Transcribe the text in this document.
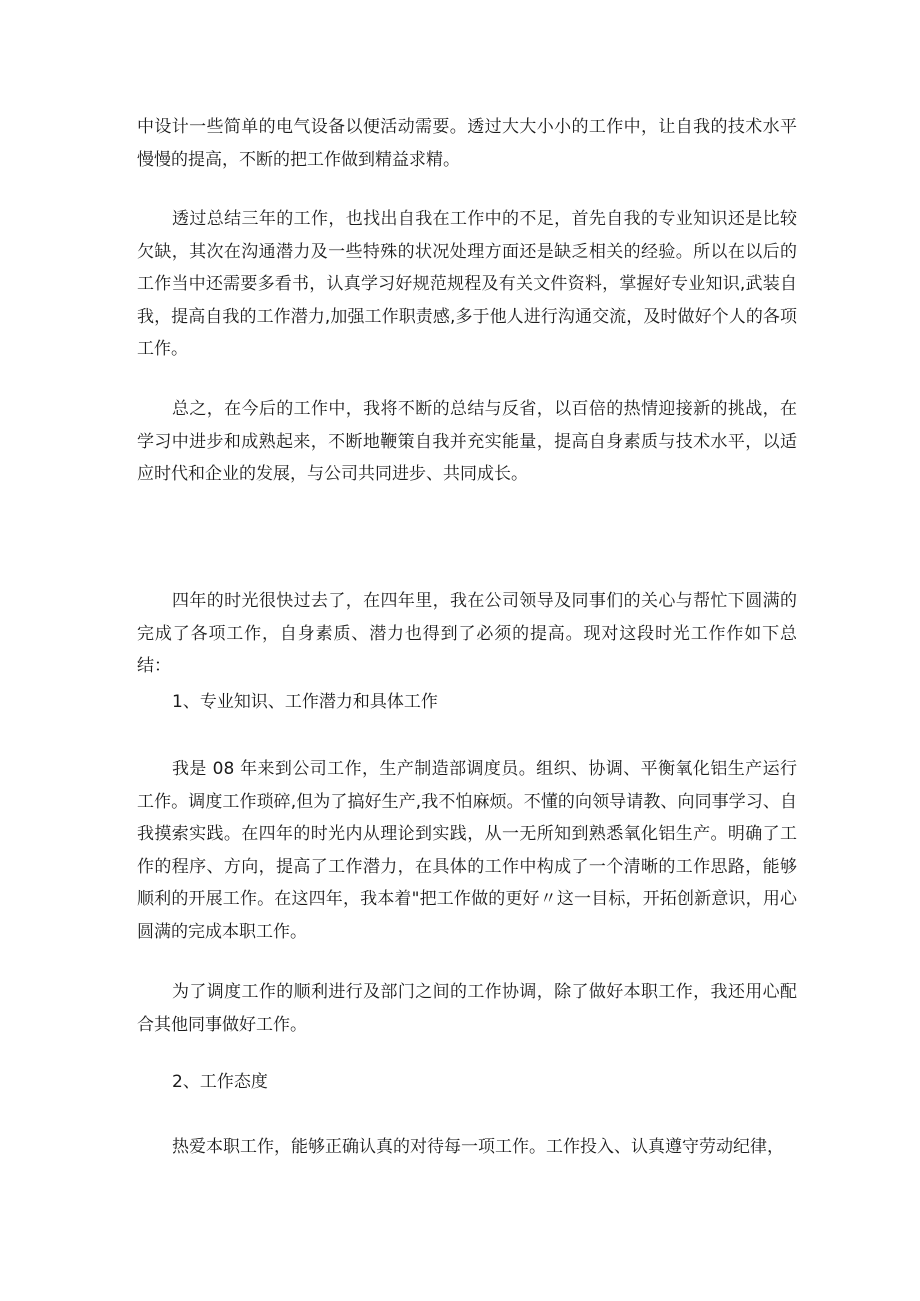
中设计一些简单的电气设备以便活动需要。透过大大小小的工作中，让自我的技术水平慢慢的提高，不断的把工作做到精益求精。

透过总结三年的工作，也找出自我在工作中的不足，首先自我的专业知识还是比较欠缺，其次在沟通潜力及一些特殊的状况处理方面还是缺乏相关的经验。所以在以后的工作当中还需要多看书，认真学习好规范规程及有关文件资料，掌握好专业知识,武装自我，提高自我的工作潜力,加强工作职责感,多于他人进行沟通交流，及时做好个人的各项工作。

总之，在今后的工作中，我将不断的总结与反省，以百倍的热情迎接新的挑战，在学习中进步和成熟起来，不断地鞭策自我并充实能量，提高自身素质与技术水平，以适应时代和企业的发展，与公司共同进步、共同成长。

四年的时光很快过去了，在四年里，我在公司领导及同事们的关心与帮忙下圆满的完成了各项工作，自身素质、潜力也得到了必须的提高。现对这段时光工作作如下总结：

1、专业知识、工作潜力和具体工作

我是 08 年来到公司工作，生产制造部调度员。组织、协调、平衡氧化铝生产运行工作。调度工作琐碎,但为了搞好生产,我不怕麻烦。不懂的向领导请教、向同事学习、自我摸索实践。在四年的时光内从理论到实践，从一无所知到熟悉氧化铝生产。明确了工作的程序、方向，提高了工作潜力，在具体的工作中构成了一个清晰的工作思路，能够顺利的开展工作。在这四年，我本着"把工作做的更好〃这一目标，开拓创新意识，用心圆满的完成本职工作。

为了调度工作的顺利进行及部门之间的工作协调，除了做好本职工作，我还用心配合其他同事做好工作。

2、工作态度

热爱本职工作，能够正确认真的对待每一项工作。工作投入、认真遵守劳动纪律，
